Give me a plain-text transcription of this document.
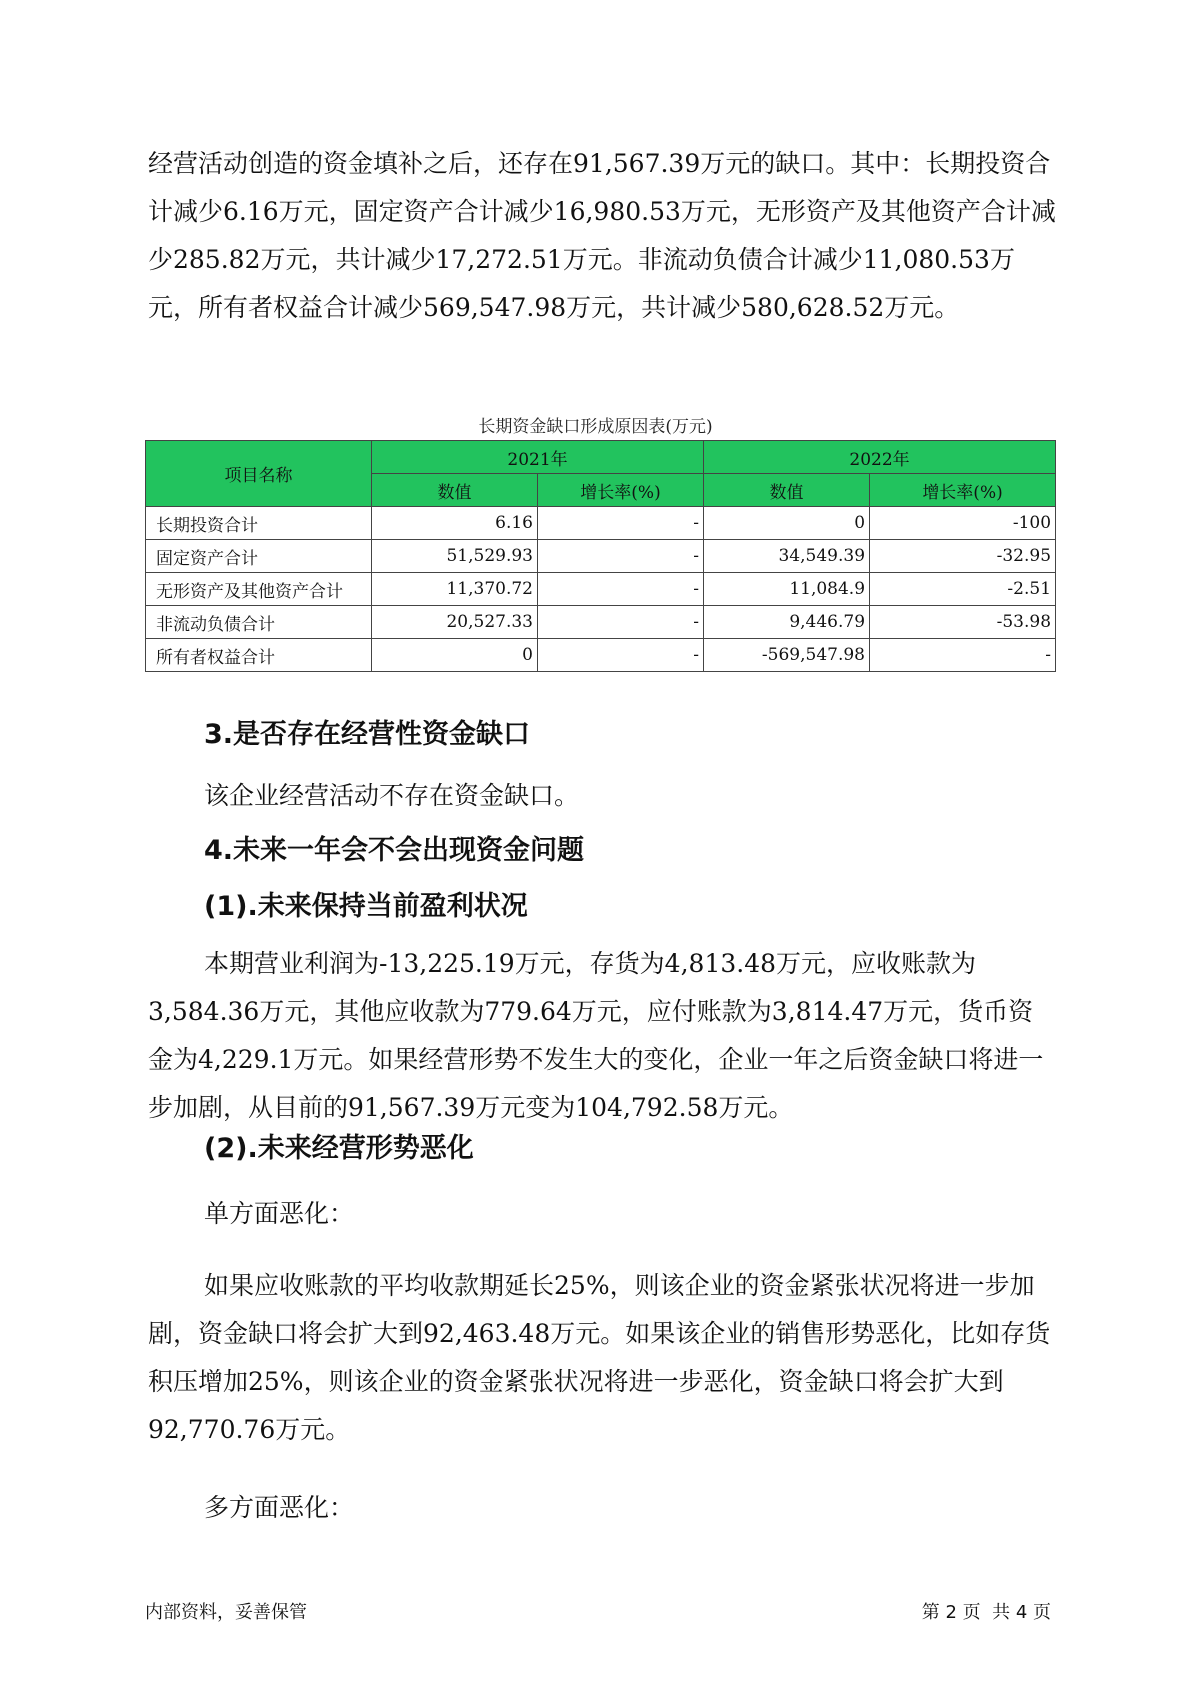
经营活动创造的资金填补之后，还存在91,567.39万元的缺口。其中：长期投资合计减少6.16万元，固定资产合计减少16,980.53万元，无形资产及其他资产合计减少285.82万元，共计减少17,272.51万元。非流动负债合计减少11,080.53万元，所有者权益合计减少569,547.98万元，共计减少580,628.52万元。

长期资金缺口形成原因表(万元)
项目名称	2021年		2022年	
	数值	增长率(%)	数值	增长率(%)
长期投资合计	6.16	-	0	-100
固定资产合计	51,529.93	-	34,549.39	-32.95
无形资产及其他资产合计	11,370.72	-	11,084.9	-2.51
非流动负债合计	20,527.33	-	9,446.79	-53.98
所有者权益合计	0	-	-569,547.98	-
3.是否存在经营性资金缺口

该企业经营活动不存在资金缺口。

4.未来一年会不会出现资金问题
(1).未来保持当前盈利状况

本期营业利润为-13,225.19万元，存货为4,813.48万元，应收账款为3,584.36万元，其他应收款为779.64万元，应付账款为3,814.47万元，货币资金为4,229.1万元。如果经营形势不发生大的变化，企业一年之后资金缺口将进一步加剧，从目前的91,567.39万元变为104,792.58万元。

(2).未来经营形势恶化

单方面恶化：

如果应收账款的平均收款期延长25%，则该企业的资金紧张状况将进一步加剧，资金缺口将会扩大到92,463.48万元。如果该企业的销售形势恶化，比如存货积压增加25%，则该企业的资金紧张状况将进一步恶化，资金缺口将会扩大到92,770.76万元。

多方面恶化：

内部资料，妥善保管	第 2 页  共 4 页
